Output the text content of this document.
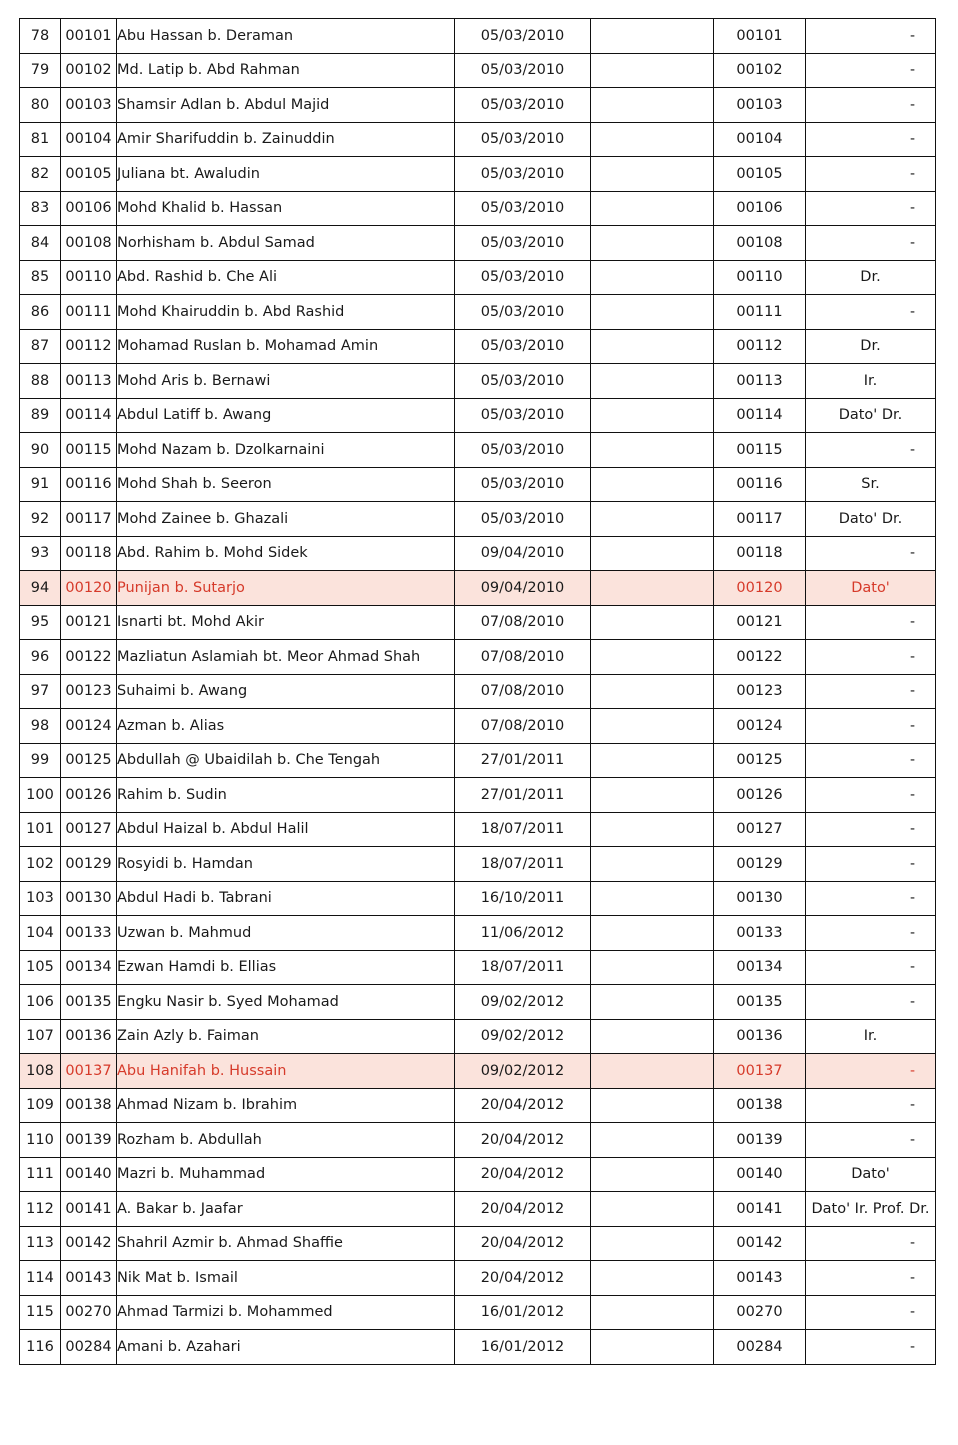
78	00101	Abu Hassan b. Deraman	05/03/2010		00101	-
79	00102	Md. Latip b. Abd Rahman	05/03/2010		00102	-
80	00103	Shamsir Adlan b. Abdul Majid	05/03/2010		00103	-
81	00104	Amir Sharifuddin b. Zainuddin	05/03/2010		00104	-
82	00105	Juliana bt. Awaludin	05/03/2010		00105	-
83	00106	Mohd Khalid b. Hassan	05/03/2010		00106	-
84	00108	Norhisham b. Abdul Samad	05/03/2010		00108	-
85	00110	Abd. Rashid b. Che Ali	05/03/2010		00110	Dr.
86	00111	Mohd Khairuddin b. Abd Rashid	05/03/2010		00111	-
87	00112	Mohamad Ruslan b. Mohamad Amin	05/03/2010		00112	Dr.
88	00113	Mohd Aris b. Bernawi	05/03/2010		00113	Ir.
89	00114	Abdul Latiff b. Awang	05/03/2010		00114	Dato' Dr.
90	00115	Mohd Nazam b. Dzolkarnaini	05/03/2010		00115	-
91	00116	Mohd Shah b. Seeron	05/03/2010		00116	Sr.
92	00117	Mohd Zainee b. Ghazali	05/03/2010		00117	Dato' Dr.
93	00118	Abd. Rahim b. Mohd Sidek	09/04/2010		00118	-
94	00120	Punijan b. Sutarjo	09/04/2010		00120	Dato'
95	00121	Isnarti bt. Mohd Akir	07/08/2010		00121	-
96	00122	Mazliatun Aslamiah bt. Meor Ahmad Shah	07/08/2010		00122	-
97	00123	Suhaimi b. Awang	07/08/2010		00123	-
98	00124	Azman b. Alias	07/08/2010		00124	-
99	00125	Abdullah @ Ubaidilah b. Che Tengah	27/01/2011		00125	-
100	00126	Rahim b. Sudin	27/01/2011		00126	-
101	00127	Abdul Haizal b. Abdul Halil	18/07/2011		00127	-
102	00129	Rosyidi b. Hamdan	18/07/2011		00129	-
103	00130	Abdul Hadi b. Tabrani	16/10/2011		00130	-
104	00133	Uzwan b. Mahmud	11/06/2012		00133	-
105	00134	Ezwan Hamdi b. Ellias	18/07/2011		00134	-
106	00135	Engku Nasir b. Syed Mohamad	09/02/2012		00135	-
107	00136	Zain Azly b. Faiman	09/02/2012		00136	Ir.
108	00137	Abu Hanifah b. Hussain	09/02/2012		00137	-
109	00138	Ahmad Nizam b. Ibrahim	20/04/2012		00138	-
110	00139	Rozham b. Abdullah	20/04/2012		00139	-
111	00140	Mazri b. Muhammad	20/04/2012		00140	Dato'
112	00141	A. Bakar b. Jaafar	20/04/2012		00141	Dato' Ir. Prof. Dr.
113	00142	Shahril Azmir b. Ahmad Shaffie	20/04/2012		00142	-
114	00143	Nik Mat b. Ismail	20/04/2012		00143	-
115	00270	Ahmad Tarmizi b. Mohammed	16/01/2012		00270	-
116	00284	Amani b. Azahari	16/01/2012		00284	-
